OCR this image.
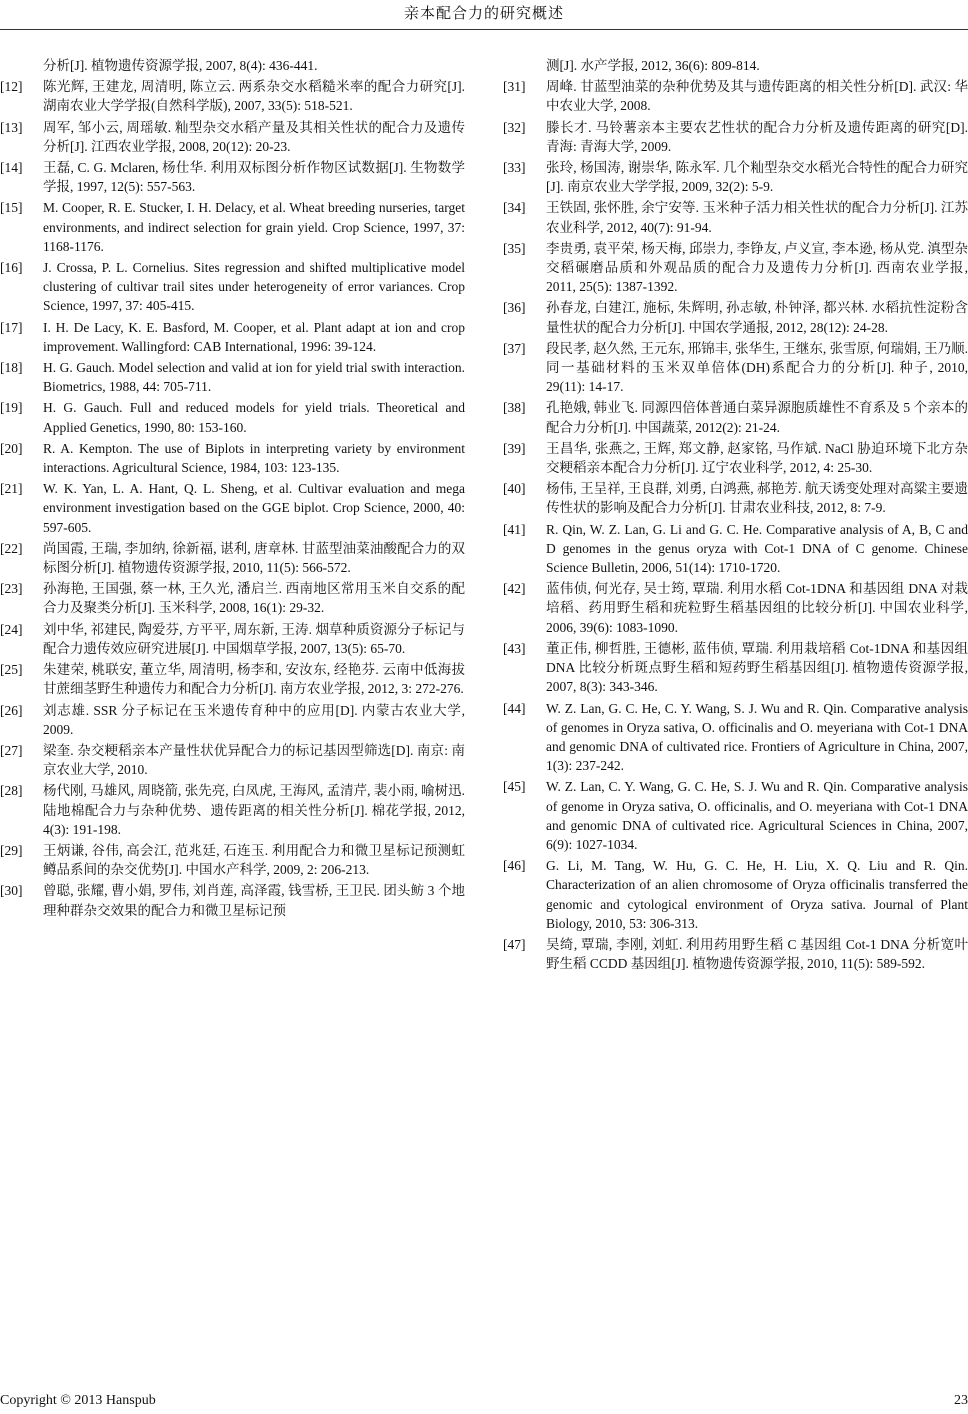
亲本配合力的研究概述
分析[J]. 植物遗传资源学报, 2007, 8(4): 436-441.
[12] 陈光辉, 王建龙, 周清明, 陈立云. 两系杂交水稻糙米率的配合力研究[J]. 湖南农业大学学报(自然科学版), 2007, 33(5): 518-521.
[13] 周军, 邹小云, 周瑶敏. 籼型杂交水稻产量及其相关性状的配合力及遗传分析[J]. 江西农业学报, 2008, 20(12): 20-23.
[14] 王磊, C. G. Mclaren, 杨仕华. 利用双标图分析作物区试数据[J]. 生物数学学报, 1997, 12(5): 557-563.
[15] M. Cooper, R. E. Stucker, I. H. Delacy, et al. Wheat breeding nurseries, target environments, and indirect selection for grain yield. Crop Science, 1997, 37: 1168-1176.
[16] J. Crossa, P. L. Cornelius. Sites regression and shifted multiplicative model clustering of cultivar trail sites under heterogeneity of error variances. Crop Science, 1997, 37: 405-415.
[17] I. H. De Lacy, K. E. Basford, M. Cooper, et al. Plant adapt at ion and crop improvement. Wallingford: CAB International, 1996: 39-124.
[18] H. G. Gauch. Model selection and valid at ion for yield trial swith interaction. Biometrics, 1988, 44: 705-711.
[19] H. G. Gauch. Full and reduced models for yield trials. Theoretical and Applied Genetics, 1990, 80: 153-160.
[20] R. A. Kempton. The use of Biplots in interpreting variety by environment interactions. Agricultural Science, 1984, 103: 123-135.
[21] W. K. Yan, L. A. Hant, Q. L. Sheng, et al. Cultivar evaluation and mega environment investigation based on the GGE biplot. Crop Science, 2000, 40: 597-605.
[22] 尚国霞, 王瑞, 李加纳, 徐新福, 谌利, 唐章林. 甘蓝型油菜油酸配合力的双标图分析[J]. 植物遗传资源学报, 2010, 11(5): 566-572.
[23] 孙海艳, 王国强, 蔡一林, 王久光, 潘启兰. 西南地区常用玉米自交系的配合力及聚类分析[J]. 玉米科学, 2008, 16(1): 29-32.
[24] 刘中华, 祁建民, 陶爱芬, 方平平, 周东新, 王涛. 烟草种质资源分子标记与配合力遗传效应研究进展[J]. 中国烟草学报, 2007, 13(5): 65-70.
[25] 朱建荣, 桃联安, 董立华, 周清明, 杨李和, 安汝东, 经艳芬. 云南中低海拔甘蔗细茎野生种遗传力和配合力分析[J]. 南方农业学报, 2012, 3: 272-276.
[26] 刘志雄. SSR 分子标记在玉米遗传育种中的应用[D]. 内蒙古农业大学, 2009.
[27] 梁奎. 杂交粳稻亲本产量性状优异配合力的标记基因型筛选[D]. 南京: 南京农业大学, 2010.
[28] 杨代刚, 马雄风, 周晓箭, 张先亮, 白凤虎, 王海风, 孟清芹, 裴小雨, 喻树迅. 陆地棉配合力与杂种优势、遗传距离的相关性分析[J]. 棉花学报, 2012, 4(3): 191-198.
[29] 王炳谦, 谷伟, 高会江, 范兆廷, 石连玉. 利用配合力和微卫星标记预测虹鳟品系间的杂交优势[J]. 中国水产科学, 2009, 2: 206-213.
[30] 曾聪, 张耀, 曹小娟, 罗伟, 刘肖莲, 高泽霞, 钱雪桥, 王卫民. 团头鲂 3 个地理种群杂交效果的配合力和微卫星标记预
测[J]. 水产学报, 2012, 36(6): 809-814.
[31] 周峰. 甘蓝型油菜的杂种优势及其与遗传距离的相关性分析[D]. 武汉: 华中农业大学, 2008.
[32] 滕长才. 马铃薯亲本主要农艺性状的配合力分析及遗传距离的研究[D]. 青海: 青海大学, 2009.
[33] 张玲, 杨国涛, 谢崇华, 陈永军. 几个籼型杂交水稻光合特性的配合力研究[J]. 南京农业大学学报, 2009, 32(2): 5-9.
[34] 王铁固, 张怀胜, 余宁安等. 玉米种子活力相关性状的配合力分析[J]. 江苏农业科学, 2012, 40(7): 91-94.
[35] 李贵勇, 袁平荣, 杨天梅, 邱崇力, 李铮友, 卢义宣, 李本逊, 杨从党. 滇型杂交稻碾磨品质和外观品质的配合力及遗传力分析[J]. 西南农业学报, 2011, 25(5): 1387-1392.
[36] 孙春龙, 白建江, 施标, 朱辉明, 孙志敏, 朴钟泽, 都兴林. 水稻抗性淀粉含量性状的配合力分析[J]. 中国农学通报, 2012, 28(12): 24-28.
[37] 段民孝, 赵久然, 王元东, 邢锦丰, 张华生, 王继东, 张雪原, 何瑞娟, 王乃顺. 同一基础材料的玉米双单倍体(DH)系配合力的分析[J]. 种子, 2010, 29(11): 14-17.
[38] 孔艳娥, 韩业飞. 同源四倍体普通白菜异源胞质雄性不育系及 5 个亲本的配合力分析[J]. 中国蔬菜, 2012(2): 21-24.
[39] 王昌华, 张燕之, 王辉, 郑文静, 赵家铭, 马作斌. NaCl 胁迫环境下北方杂交粳稻亲本配合力分析[J]. 辽宁农业科学, 2012, 4: 25-30.
[40] 杨伟, 王呈祥, 王良群, 刘勇, 白鸿燕, 郝艳芳. 航天诱变处理对高粱主要遗传性状的影响及配合力分析[J]. 甘肃农业科技, 2012, 8: 7-9.
[41] R. Qin, W. Z. Lan, G. Li and G. C. He. Comparative analysis of A, B, C and D genomes in the genus oryza with Cot-1 DNA of C genome. Chinese Science Bulletin, 2006, 51(14): 1710-1720.
[42] 蓝伟侦, 何光存, 吴士筠, 覃瑞. 利用水稻 Cot-1DNA 和基因组 DNA 对栽培稻、药用野生稻和疣粒野生稻基因组的比较分析[J]. 中国农业科学, 2006, 39(6): 1083-1090.
[43] 董正伟, 柳哲胜, 王德彬, 蓝伟侦, 覃瑞. 利用栽培稻 Cot-1DNA 和基因组 DNA 比较分析斑点野生稻和短药野生稻基因组[J]. 植物遗传资源学报, 2007, 8(3): 343-346.
[44] W. Z. Lan, G. C. He, C. Y. Wang, S. J. Wu and R. Qin. Comparative analysis of genomes in Oryza sativa, O. officinalis and O. meyeriana with Cot-1 DNA and genomic DNA of cultivated rice. Frontiers of Agriculture in China, 2007, 1(3): 237-242.
[45] W. Z. Lan, C. Y. Wang, G. C. He, S. J. Wu and R. Qin. Comparative analysis of genome in Oryza sativa, O. officinalis, and O. meyeriana with Cot-1 DNA and genomic DNA of cultivated rice. Agricultural Sciences in China, 2007, 6(9): 1027-1034.
[46] G. Li, M. Tang, W. Hu, G. C. He, H. Liu, X. Q. Liu and R. Qin. Characterization of an alien chromosome of Oryza officinalis transferred the genomic and cytological environment of Oryza sativa. Journal of Plant Biology, 2010, 53: 306-313.
[47] 吴绮, 覃瑞, 李刚, 刘虹. 利用药用野生稻 C 基因组 Cot-1 DNA 分析宽叶野生稻 CCDD 基因组[J]. 植物遗传资源学报, 2010, 11(5): 589-592.
Copyright © 2013 Hanspub	23
